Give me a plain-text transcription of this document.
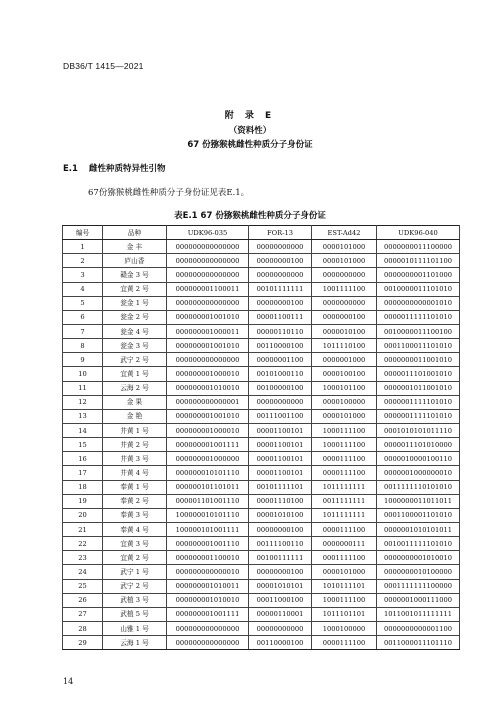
DB36/T 1415—2021
附 录 E
（资料性）
67 份猕猴桃雌性种质分子身份证
E.1 雌性种质特异性引物
67份猕猴桃雌性种质分子身份证见表E.1。
表E.1 67 份猕猴桃雌性种质分子身份证
编号	品种	UDK96-035	FOR-13	EST-Ad42	UDK96-040
1	金 丰	000000000000000	00000000000	0000101000	0000000011100000
2	庐山香	000000000000000	00000000100	0000101000	0000010111101100
3	赣金 3 号	000000000000000	00000000000	0000000000	0000000001101000
4	宜黄 2 号	000000001100011	00101111111	1001111100	0010000011101010
5	瓮金 1 号	000000000000000	00000000100	0000000000	0000000000001010
6	瓮金 2 号	000000001001010	00001100111	0000000100	0000011111101010
7	瓮金 4 号	000000001000011	00000110110	0000010100	0010000011100100
8	瓮金 3 号	000000001001010	00110000100	1011110100	0001100011101010
9	武宁 2 号	000000000000000	00000001100	0000001000	0000000011001010
10	宜黄 1 号	000000001000010	00101000110	0000100100	0000011101001010
11	云海 2 号	000000001010010	00100000100	1000101100	0000001011001010
12	金 果	000000000000001	00000000000	0000100000	0000001111101010
13	金 艳	000000001001010	00111001100	0000101000	0000001111101010
14	井黄 1 号	000000001000010	00001100101	1000111100	0001010101011110
15	井黄 2 号	000000001001111	00001100101	1000111100	0000011101010000
16	井黄 3 号	000000001000000	00001100101	0000111100	0000010000100110
17	井黄 4 号	000000010101110	00001100101	0000111100	0000001000000010
18	奉黄 1 号	000000101101011	00101111101	1011111111	0011111110101010
19	奉黄 2 号	000001101001110	00001110100	0011111111	1000000011011011
20	奉黄 3 号	100000010101110	00001010100	1011111111	0001100001101010
21	奉黄 4 号	100000101001111	00000000100	0000111100	0000001010101011
22	宜黄 3 号	000000001001110	00111100110	0000000111	0010011111101010
23	宜黄 2 号	000000001100010	00100111111	0001111100	0000000001010010
24	武宁 1 号	000000000000010	00000000100	0000101000	0000000010100000
25	武宁 2 号	000000001010011	00001010101	1010111101	0001111111100000
26	武植 3 号	000000001010010	00011000100	1000111100	0000001000111000
27	武植 5 号	000000001001111	00000110001	1011101101	1011001011111111
28	山雅 1 号	000000000000000	00000000000	1000100000	0000000000001100
29	云海 1 号	000000000000000	00110000100	0000111100	0011000011101110

14
